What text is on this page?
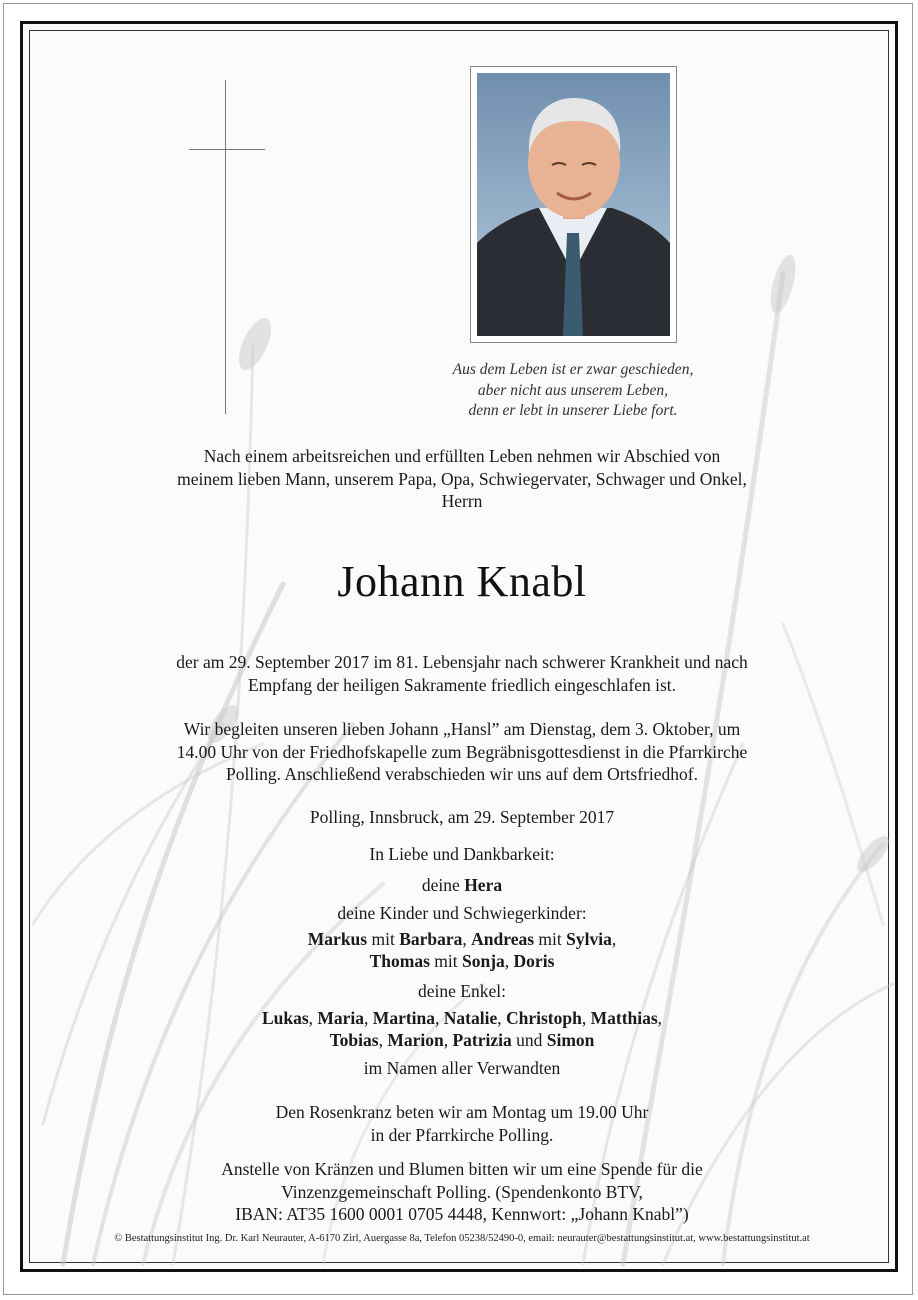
Aus dem Leben ist er zwar geschieden,
aber nicht aus unserem Leben,
denn er lebt in unserer Liebe fort.
Nach einem arbeitsreichen und erfüllten Leben nehmen wir Abschied von
meinem lieben Mann, unserem Papa, Opa, Schwiegervater, Schwager und Onkel,
Herrn
Johann Knabl
der am 29. September 2017 im 81. Lebensjahr nach schwerer Krankheit und nach
Empfang der heiligen Sakramente friedlich eingeschlafen ist.
Wir begleiten unseren lieben Johann „Hansl” am Dienstag, dem 3. Oktober, um
14.00 Uhr von der Friedhofskapelle zum Begräbnisgottesdienst in die Pfarrkirche
Polling. Anschließend verabschieden wir uns auf dem Ortsfriedhof.
Polling, Innsbruck, am 29. September 2017
In Liebe und Dankbarkeit:
deine Hera
deine Kinder und Schwiegerkinder:
Markus mit Barbara, Andreas mit Sylvia,
Thomas mit Sonja, Doris
deine Enkel:
Lukas, Maria, Martina, Natalie, Christoph, Matthias,
Tobias, Marion, Patrizia und Simon
im Namen aller Verwandten
Den Rosenkranz beten wir am Montag um 19.00 Uhr
in der Pfarrkirche Polling.
Anstelle von Kränzen und Blumen bitten wir um eine Spende für die
Vinzenzgemeinschaft Polling. (Spendenkonto BTV,
IBAN: AT35 1600 0001 0705 4448, Kennwort: „Johann Knabl”)
© Bestattungsinstitut Ing. Dr. Karl Neurauter, A-6170 Zirl, Auergasse 8a, Telefon 05238/52490-0, email: neurauter@bestattungsinstitut.at, www.bestattungsinstitut.at
